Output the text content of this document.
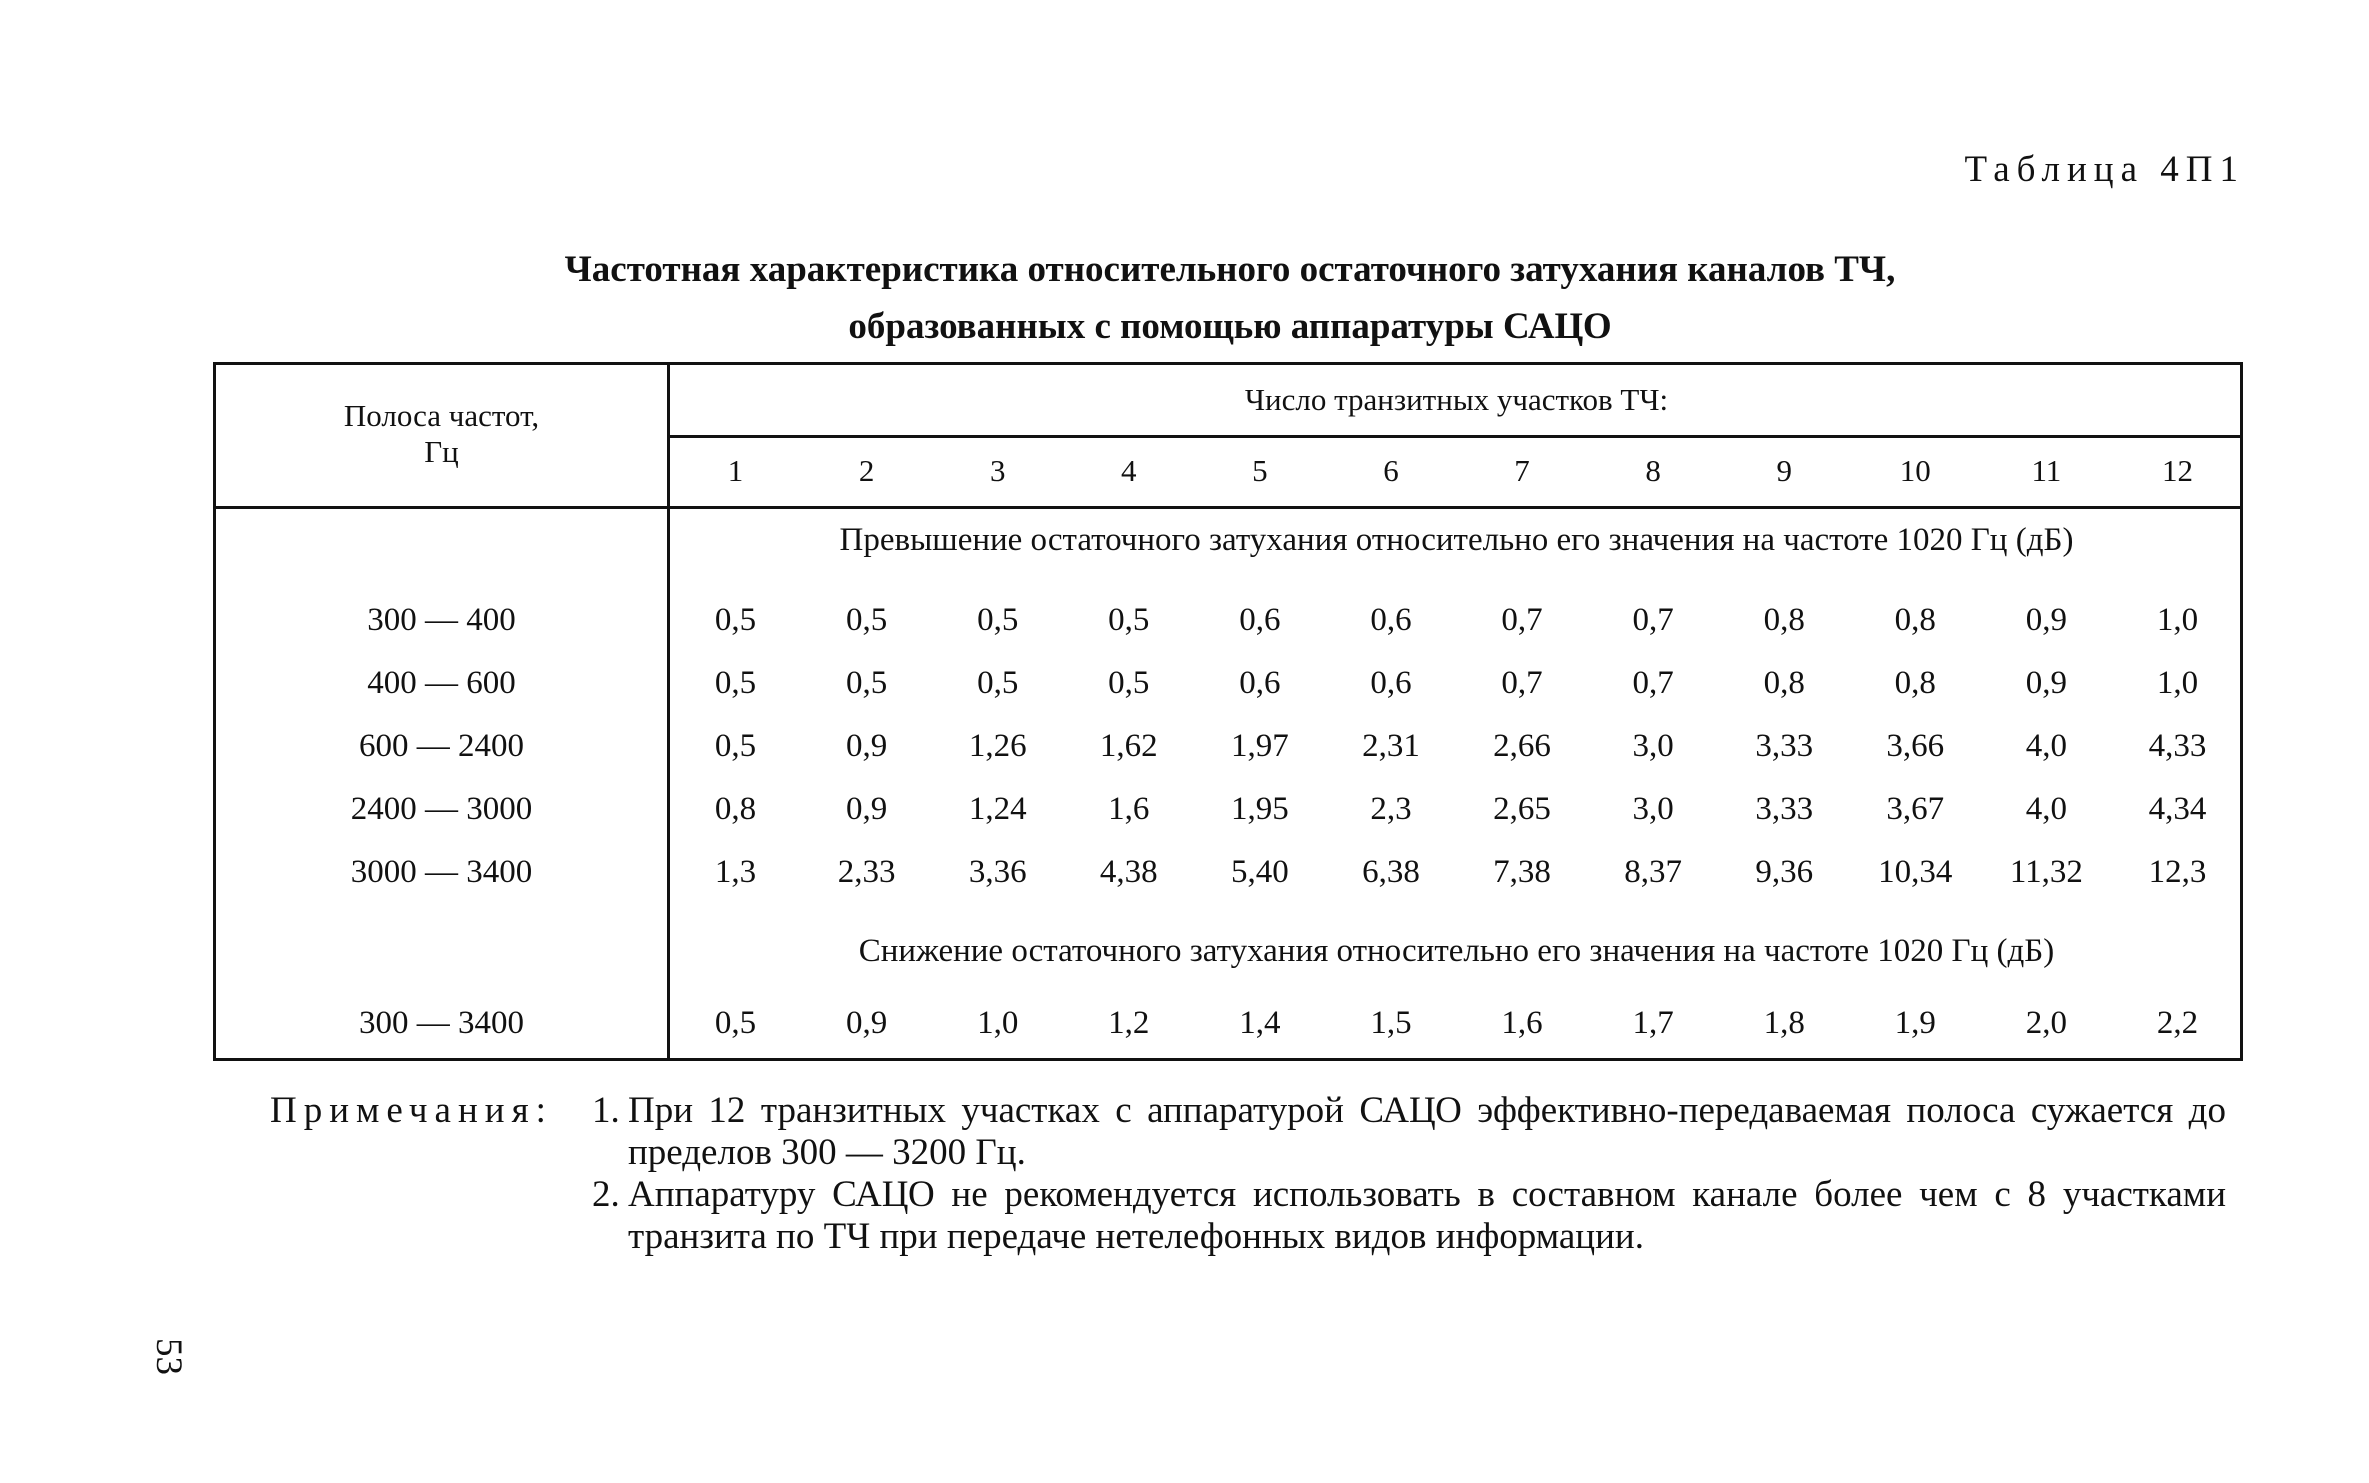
Таблица 4П1
Частотная характеристика относительного остаточного затухания каналов ТЧ,
образованных с помощью аппаратуры САЦО
Полоса частот,
Гц
Число транзитных участков ТЧ:
1	2	3	4	5	6	7	8	9	10	11	12
Превышение остаточного затухания относительно его значения на частоте 1020 Гц (дБ)
300 — 400	0,5	0,5	0,5	0,5	0,6	0,6	0,7	0,7	0,8	0,8	0,9	1,0
400 — 600	0,5	0,5	0,5	0,5	0,6	0,6	0,7	0,7	0,8	0,8	0,9	1,0
600 — 2400	0,5	0,9	1,26	1,62	1,97	2,31	2,66	3,0	3,33	3,66	4,0	4,33
2400 — 3000	0,8	0,9	1,24	1,6	1,95	2,3	2,65	3,0	3,33	3,67	4,0	4,34
3000 — 3400	1,3	2,33	3,36	4,38	5,40	6,38	7,38	8,37	9,36	10,34	11,32	12,3
Снижение остаточного затухания относительно его значения на частоте 1020 Гц (дБ)
300 — 3400	0,5	0,9	1,0	1,2	1,4	1,5	1,6	1,7	1,8	1,9	2,0	2,2
Примечания: 1. При 12 транзитных участках с аппаратурой САЦО эффективно-передаваемая полоса сужается до пределов 300 — 3200 Гц.
2. Аппаратуру САЦО не рекомендуется использовать в составном канале более чем с 8 участками транзита по ТЧ при передаче нетелефонных видов информации.
53
